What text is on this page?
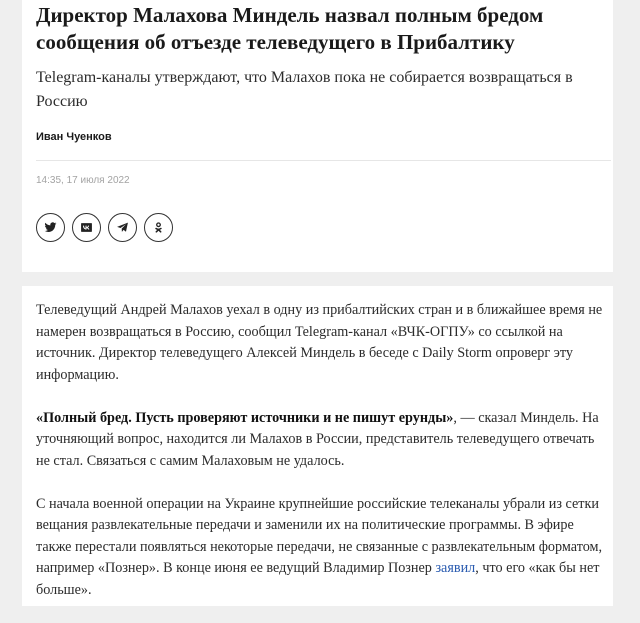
Директор Малахова Миндель назвал полным бредом сообщения об отъезде телеведущего в Прибалтику

Telegram-каналы утверждают, что Малахов пока не собирается возвращаться в Россию

Иван Чуенков
14:35, 17 июля 2022

Телеведущий Андрей Малахов уехал в одну из прибалтийских стран и в ближайшее время не намерен возвращаться в Россию, сообщил Telegram-канал «ВЧК-ОГПУ» со ссылкой на источник. Директор телеведущего Алексей Миндель в беседе с Daily Storm опроверг эту информацию.

«Полный бред. Пусть проверяют источники и не пишут ерунды», — сказал Миндель. На уточняющий вопрос, находится ли Малахов в России, представитель телеведущего отвечать не стал. Связаться с самим Малаховым не удалось.

С начала военной операции на Украине крупнейшие российские телеканалы убрали из сетки вещания развлекательные передачи и заменили их на политические программы. В эфире также перестали появляться некоторые передачи, не связанные с развлекательным форматом, например «Познер». В конце июня ее ведущий Владимир Познер заявил, что его «как бы нет больше».
